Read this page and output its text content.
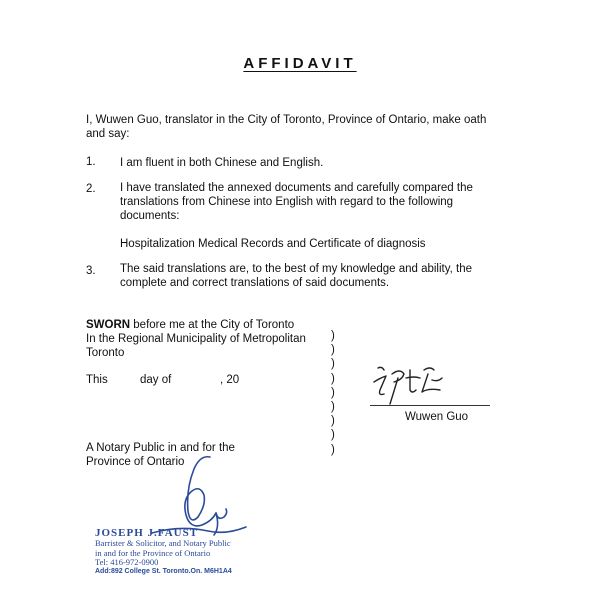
AFFIDAVIT
I, Wuwen Guo, translator in the City of Toronto, Province of Ontario, make oath
and say:
1. I am fluent in both Chinese and English.
2. I have translated the annexed documents and carefully compared the
translations from Chinese into English with regard to the following
documents:
Hospitalization Medical Records and Certificate of diagnosis
3. The said translations are, to the best of my knowledge and ability, the
complete and correct translations of said documents.
SWORN before me at the City of Toronto
In the Regional Municipality of Metropolitan
Toronto
This	day of	, 20
)
)
)
)
)
)
)
)
)
Wuwen Guo
A Notary Public in and for the
Province of Ontario
JOSEPH J.FAUST
Barrister & Solicitor, and Notary Public
in and for the Province of Ontario
Tel: 416-972-0900
Add:892 College St. Toronto.On. M6H1A4
